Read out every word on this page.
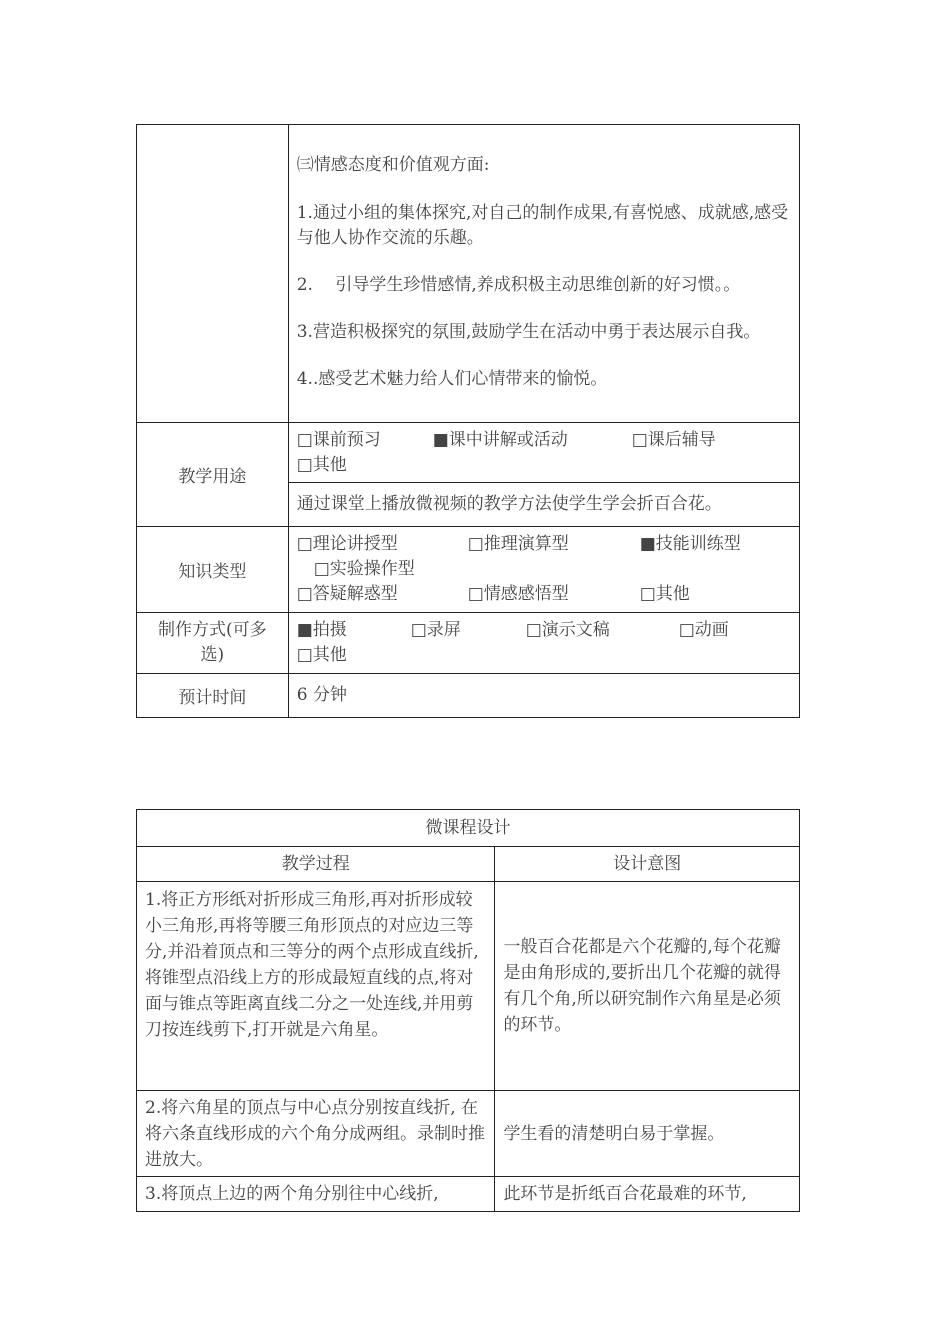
	㈢情感态度和价值观方面:

1.通过小组的集体探究,对自己的制作成果,有喜悦感、成就感,感受与他人协作交流的乐趣。

2.　 引导学生珍惜感情,养成积极主动思维创新的好习惯。。

3.营造积极探究的氛围,鼓励学生在活动中勇于表达展示自我。

4..感受艺术魅力给人们心情带来的愉悦。

教学用途	□课前预习 ■课中讲解或活动 □课后辅导
□其他
	通过课堂上播放微视频的教学方法使学生学会折百合花。
知识类型	□理论讲授型 □推理演算型 ■技能训练型
□实验操作型
□答疑解惑型 □情感感悟型 □其他
制作方式(可多选)	■拍摄 □录屏 □演示文稿 □动画
□其他
预计时间	6 分钟
微课程设计	
教学过程	设计意图
1.将正方形纸对折形成三角形,再对折形成较小三角形,再将等腰三角形顶点的对应边三等分,并沿着顶点和三等分的两个点形成直线折,将锥型点沿线上方的形成最短直线的点,将对面与锥点等距离直线二分之一处连线,并用剪刀按连线剪下,打开就是六角星。	一般百合花都是六个花瓣的,每个花瓣是由角形成的,要折出几个花瓣的就得有几个角,所以研究制作六角星是必须的环节。
2.将六角星的顶点与中心点分别按直线折, 在将六条直线形成的六个角分成两组。录制时推进放大。	学生看的清楚明白易于掌握。
3.将顶点上边的两个角分别往中心线折,	此环节是折纸百合花最难的环节,
